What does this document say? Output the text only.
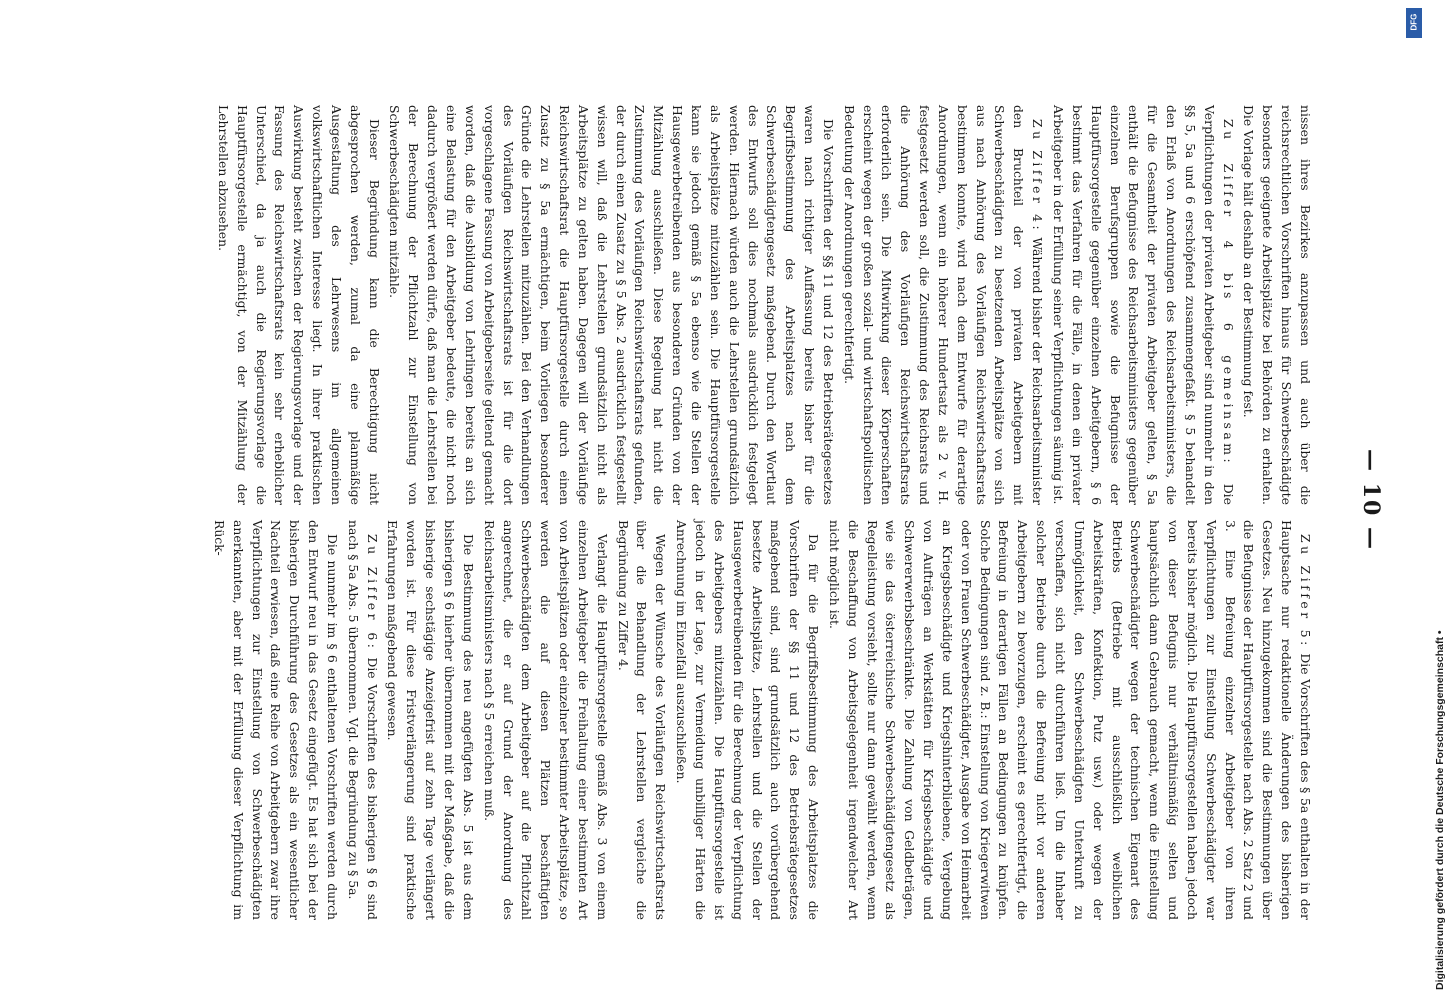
— 10 —

nissen ihres Bezirkes anzupassen und auch über die reichsrechtlichen Vorschriften hinaus für Schwerbeschädigte besonders geeignete Arbeitsplätze bei Behörden zu erhalten. Die Vorlage hält deshalb an der Bestimmung fest.

Zu Ziffer 4 bis 6 gemeinsam: Die Verpflichtungen der privaten Arbeitgeber sind nunmehr in den §§ 5, 5a und 6 erschöpfend zusammengefaßt. § 5 behandelt den Erlaß von Anordnungen des Reichsarbeitsministers, die für die Gesamtheit der privaten Arbeitgeber gelten, § 5a enthält die Befugnisse des Reichsarbeitsministers gegenüber einzelnen Berufsgruppen sowie die Befugnisse der Hauptfürsorgestelle gegenüber einzelnen Arbeitgebern, § 6 bestimmt das Verfahren für die Fälle, in denen ein privater Arbeitgeber in der Erfüllung seiner Verpflichtungen säumig ist.

Zu Ziffer 4: Während bisher der Reichsarbeitsminister den Bruchteil der von privaten Arbeitgebern mit Schwerbeschädigten zu besetzenden Arbeitsplätze von sich aus nach Anhörung des Vorläufigen Reichswirtschaftsrats bestimmen konnte, wird nach dem Entwurfe für derartige Anordnungen, wenn ein höherer Hundertsatz als 2 v. H. festgesetzt werden soll, die Zustimmung des Reichsrats und die Anhörung des Vorläufigen Reichswirtschaftsrats erforderlich sein. Die Mitwirkung dieser Körperschaften erscheint wegen der großen sozial- und wirtschaftspolitischen Bedeutung der Anordnungen gerechtfertigt.

Die Vorschriften der §§ 11 und 12 des Betriebsrätegesetzes waren nach richtiger Auffassung bereits bisher für die Begriffsbestimmung des Arbeitsplatzes nach dem Schwerbeschädigtengesetz maßgebend. Durch den Wortlaut des Entwurfs soll dies nochmals ausdrücklich festgelegt werden. Hiernach würden auch die Lehrstellen grundsätzlich als Arbeitsplätze mitzuzählen sein. Die Hauptfürsorgestelle kann sie jedoch gemäß § 5a ebenso wie die Stellen der Hausgewerbetreibenden aus besonderen Gründen von der Mitzählung ausschließen. Diese Regelung hat nicht die Zustimmung des Vorläufigen Reichswirtschaftsrats gefunden, der durch einen Zusatz zu § 5 Abs. 2 ausdrücklich festgestellt wissen will, daß die Lehrstellen grundsätzlich nicht als Arbeitsplätze zu gelten haben. Dagegen will der Vorläufige Reichswirtschaftsrat die Hauptfürsorgestelle durch einen Zusatz zu § 5a ermächtigen, beim Vorliegen besonderer Gründe die Lehrstellen mitzuzählen. Bei den Verhandlungen des Vorläufigen Reichswirtschaftsrats ist für die dort vorgeschlagene Fassung von Arbeitgeberseite geltend gemacht worden, daß die Ausbildung von Lehrlingen bereits an sich eine Belastung für den Arbeitgeber bedeute, die nicht noch dadurch vergrößert werden dürfe, daß man die Lehrstellen bei der Berechnung der Pflichtzahl zur Einstellung von Schwerbeschädigten mitzähle.

Dieser Begründung kann die Berechtigung nicht abgesprochen werden, zumal da eine planmäßige Ausgestaltung des Lehrwesens im allgemeinen volkswirtschaftlichen Interesse liegt. In ihrer praktischen Auswirkung besteht zwischen der Regierungsvorlage und der Fassung des Reichswirtschaftsrats kein sehr erheblicher Unterschied, da ja auch die Regierungsvorlage die Hauptfürsorgestelle ermächtigt, von der Mitzählung der Lehrstellen abzusehen.

Zu Ziffer 5: Die Vorschriften des § 5a enthalten in der Hauptsache nur redaktionelle Änderungen des bisherigen Gesetzes. Neu hinzugekommen sind die Bestimmungen über die Befugnisse der Hauptfürsorgestelle nach Abs. 2 Satz 2 und 3. Eine Befreiung einzelner Arbeitgeber von ihren Verpflichtungen zur Einstellung Schwerbeschädigter war bereits bisher möglich. Die Hauptfürsorgestellen haben jedoch von dieser Befugnis nur verhältnismäßig selten und hauptsächlich dann Gebrauch gemacht, wenn die Einstellung Schwerbeschädigter wegen der technischen Eigenart des Betriebs (Betriebe mit ausschließlich weiblichen Arbeitskräften, Konfektion, Putz usw.) oder wegen der Unmöglichkeit, den Schwerbeschädigten Unterkunft zu verschaffen, sich nicht durchführen ließ. Um die Inhaber solcher Betriebe durch die Befreiung nicht vor anderen Arbeitgebern zu bevorzugen, erscheint es gerechtfertigt, die Befreiung in derartigen Fällen an Bedingungen zu knüpfen. Solche Bedingungen sind z. B.: Einstellung von Kriegerwitwen oder von Frauen Schwerbeschädigter, Ausgabe von Heimarbeit an Kriegsbeschädigte und Kriegshinterbliebene, Vergebung von Aufträgen an Werkstätten für Kriegsbeschädigte und Schwererwerbsbeschränkte. Die Zahlung von Geldbeträgen, wie sie das österreichische Schwerbeschädigtengesetz als Regelleistung vorsieht, sollte nur dann gewählt werden, wenn die Beschaffung von Arbeitsgelegenheit irgendwelcher Art nicht möglich ist.

Da für die Begriffsbestimmung des Arbeitsplatzes die Vorschriften der §§ 11 und 12 des Betriebsrätegesetzes maßgebend sind, sind grundsätzlich auch vorübergehend besetzte Arbeitsplätze, Lehrstellen und die Stellen der Hausgewerbetreibenden für die Berechnung der Verpflichtung des Arbeitgebers mitzuzählen. Die Hauptfürsorgestelle ist jedoch in der Lage, zur Vermeidung unbilliger Härten die Anrechnung im Einzelfall auszuschließen.

Wegen der Wünsche des Vorläufigen Reichswirtschaftsrats über die Behandlung der Lehrstellen vergleiche die Begründung zu Ziffer 4.

Verlangt die Hauptfürsorgestelle gemäß Abs. 3 von einem einzelnen Arbeitgeber die Freihaltung einer bestimmten Art von Arbeitsplätzen oder einzelner bestimmter Arbeitsplätze, so werden die auf diesen Plätzen beschäftigten Schwerbeschädigten dem Arbeitgeber auf die Pflichtzahl angerechnet, die er auf Grund der Anordnung des Reichsarbeitsministers nach § 5 erreichen muß.

Die Bestimmung des neu angefügten Abs. 5 ist aus dem bisherigen § 6 hierher übernommen mit der Maßgabe, daß die bisherige sechstägige Anzeigefrist auf zehn Tage verlängert worden ist. Für diese Fristverlängerung sind praktische Erfahrungen maßgebend gewesen.

Zu Ziffer 6: Die Vorschriften des bisherigen § 6 sind nach § 5a Abs. 5 übernommen. Vgl. die Begründung zu § 5a.

Die nunmehr im § 6 enthaltenen Vorschriften werden durch den Entwurf neu in das Gesetz eingefügt. Es hat sich bei der bisherigen Durchführung des Gesetzes als ein wesentlicher Nachteil erwiesen, daß eine Reihe von Arbeitgebern zwar ihre Verpflichtungen zur Einstellung von Schwerbeschädigten anerkannten, aber mit der Erfüllung dieser Verpflichtung im Rück-

DFG
Digitalisierung gefördert durch die Deutsche Forschungsgemeinschaft •
